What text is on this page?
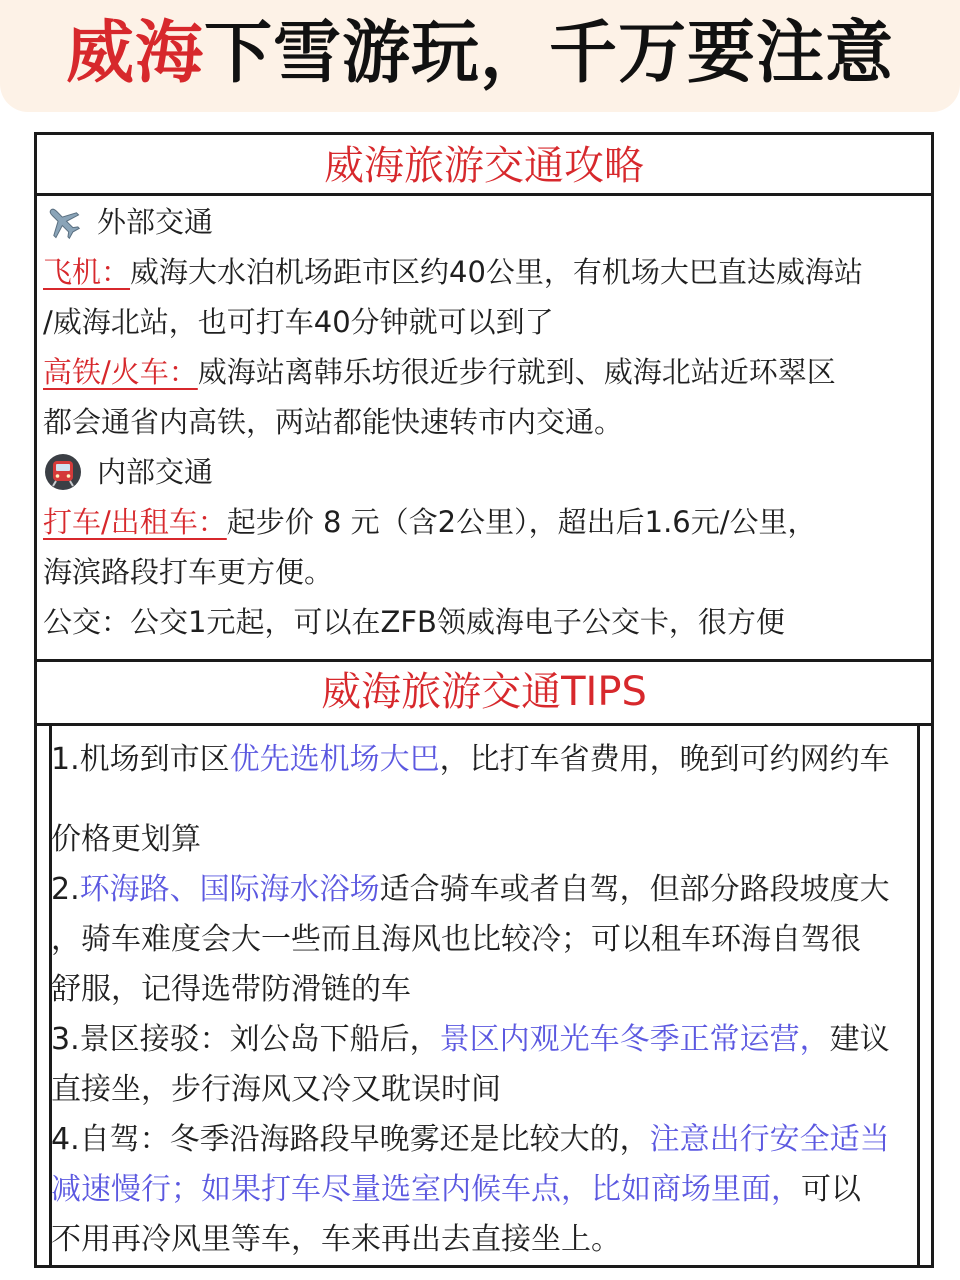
威海下雪游玩，千万要注意
威海旅游交通攻略
外部交通
飞机：威海大水泊机场距市区约40公里，有机场大巴直达威海站
/威海北站，也可打车40分钟就可以到了
高铁/火车：威海站离韩乐坊很近步行就到、威海北站近环翠区
都会通省内高铁，两站都能快速转市内交通。
内部交通
打车/出租车：起步价 8 元（含2公里），超出后1.6元/公里，
海滨路段打车更方便。
公交：公交1元起，可以在ZFB领威海电子公交卡，很方便
威海旅游交通TIPS
1.机场到市区优先选机场大巴，比打车省费用，晚到可约网约车
价格更划算
2.环海路、国际海水浴场适合骑车或者自驾，但部分路段坡度大
，骑车难度会大一些而且海风也比较冷；可以租车环海自驾很
舒服，记得选带防滑链的车
3.景区接驳：刘公岛下船后，景区内观光车冬季正常运营，建议
直接坐，步行海风又冷又耽误时间
4.自驾：冬季沿海路段早晚雾还是比较大的，注意出行安全适当
减速慢行；如果打车尽量选室内候车点，比如商场里面，可以
不用再冷风里等车，车来再出去直接坐上。
